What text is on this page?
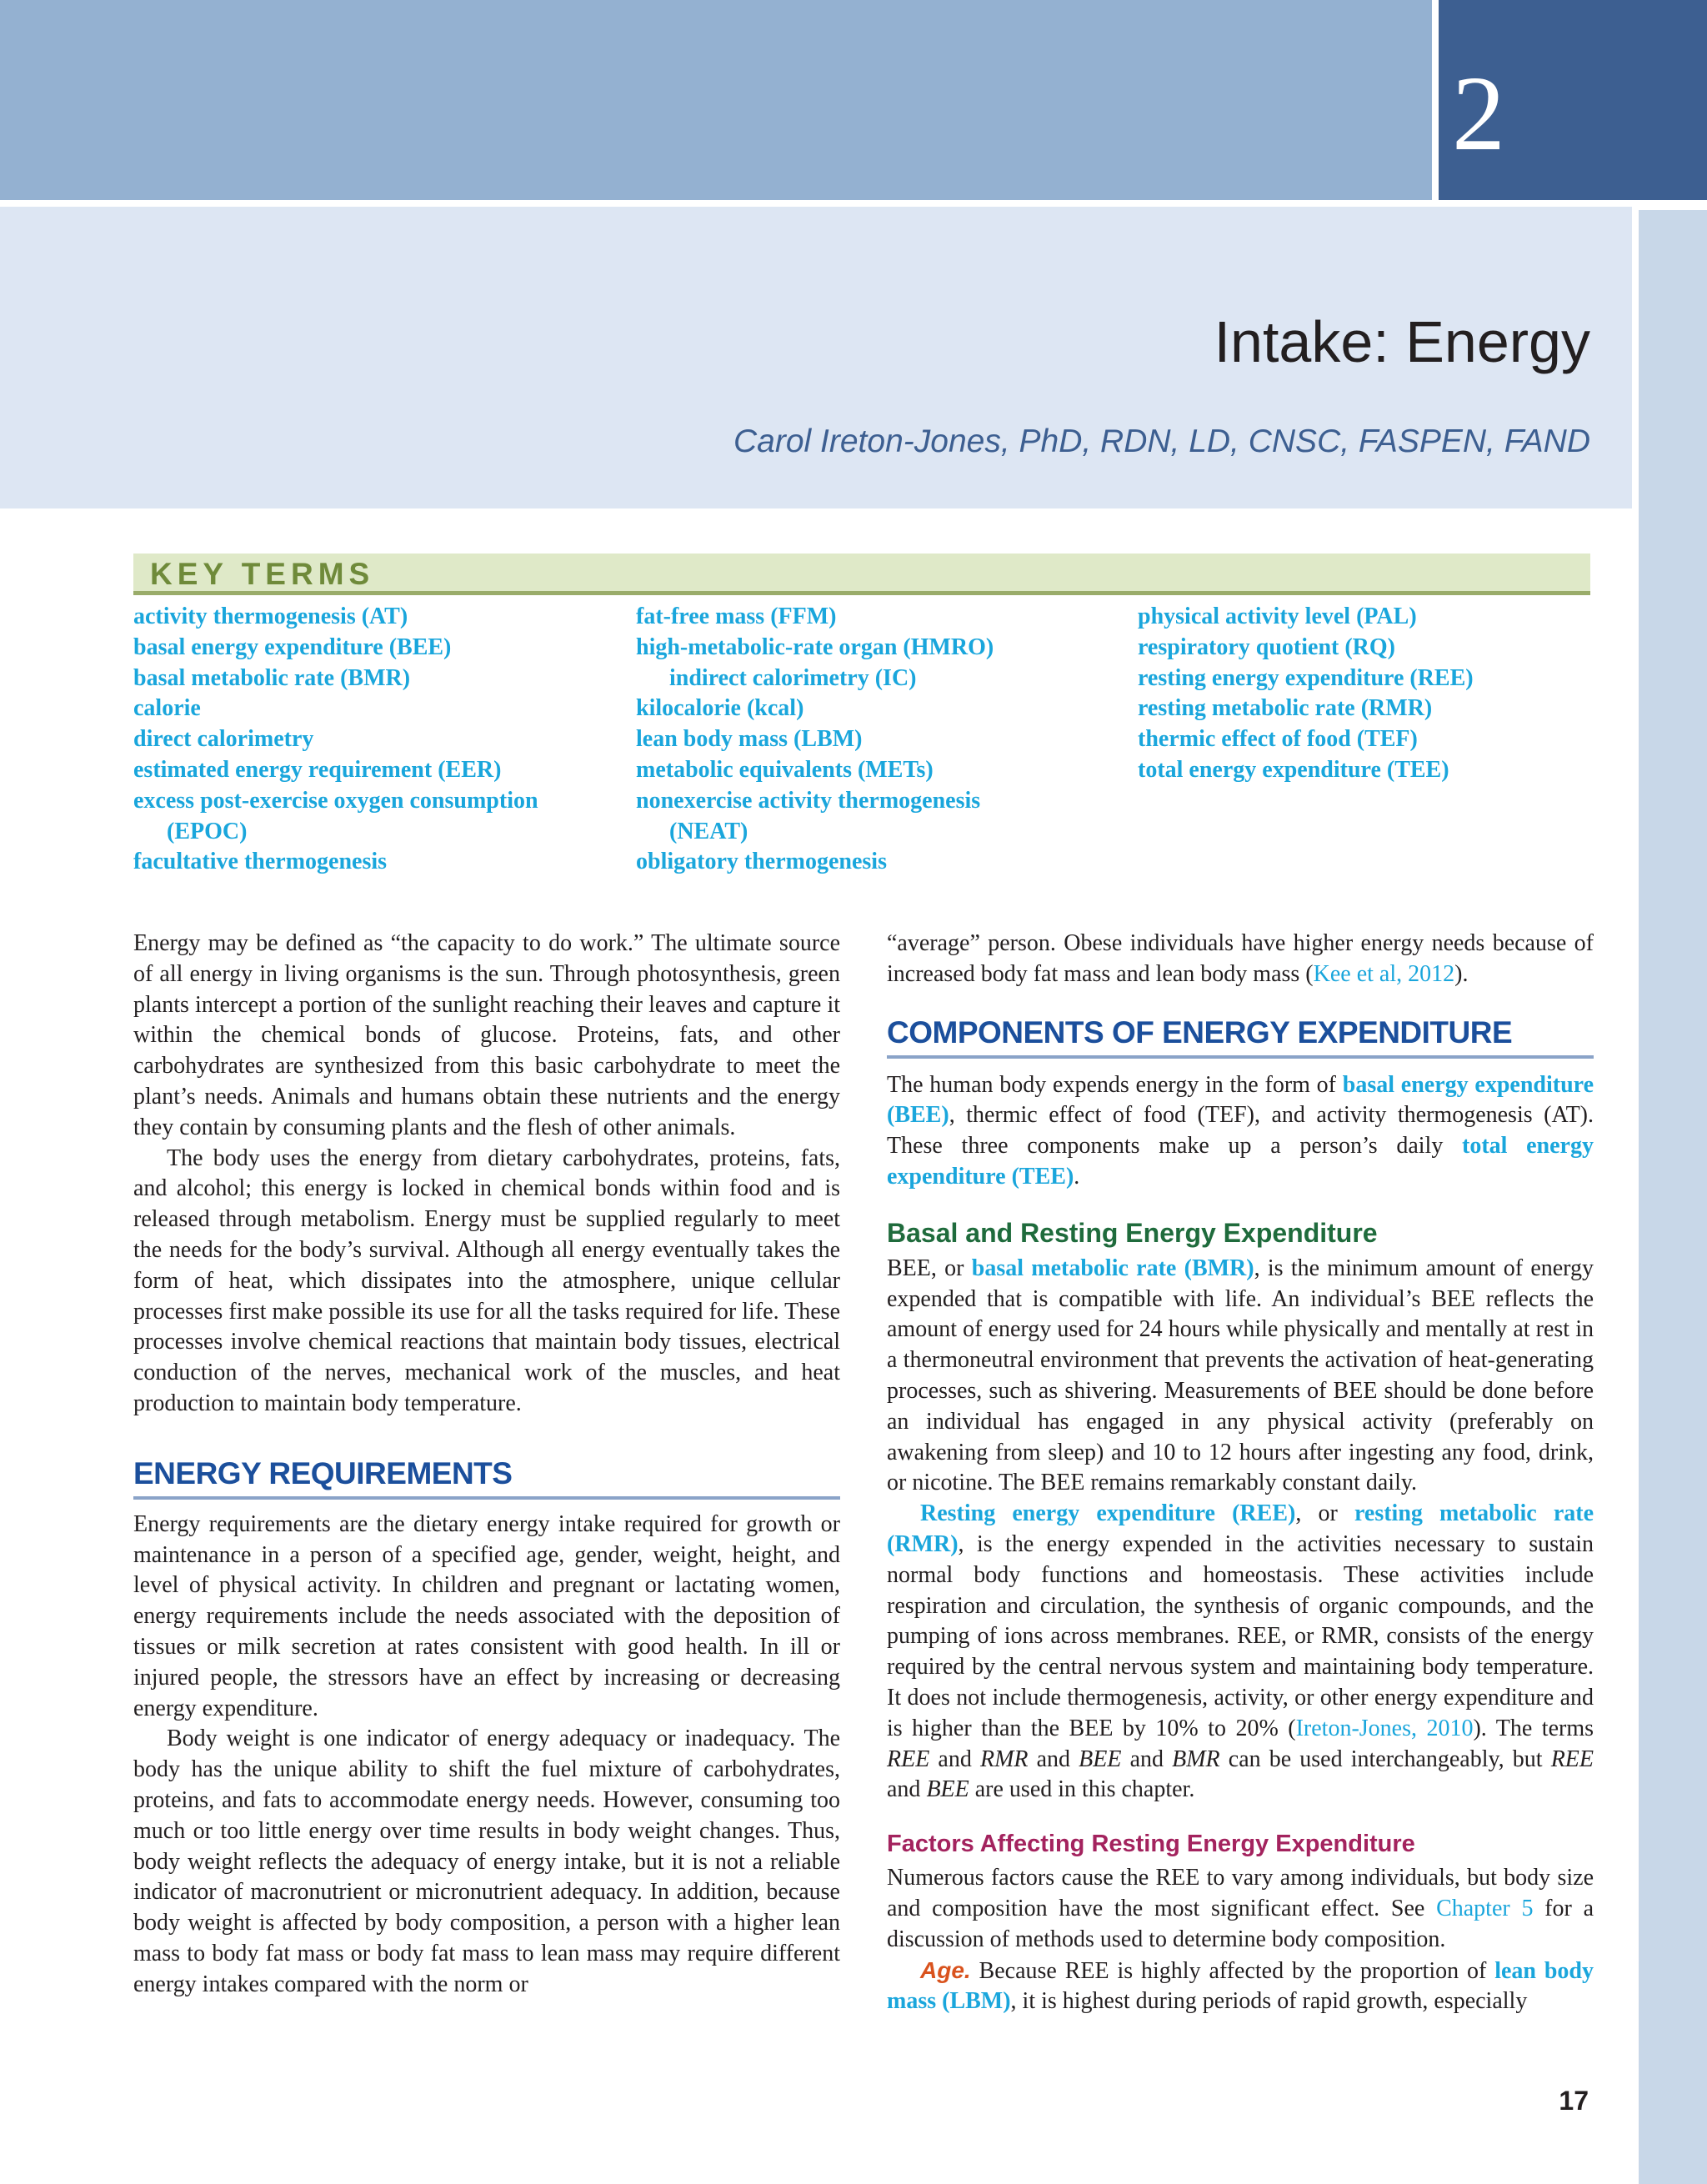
2
Intake: Energy

Carol Ireton-Jones, PhD, RDN, LD, CNSC, FASPEN, FAND

KEY TERMS
activity thermogenesis (AT)
basal energy expenditure (BEE)
basal metabolic rate (BMR)
calorie
direct calorimetry
estimated energy requirement (EER)
excess post-exercise oxygen consumption
(EPOC)
facultative thermogenesis
fat-free mass (FFM)
high-metabolic-rate organ (HMRO)
indirect calorimetry (IC)
kilocalorie (kcal)
lean body mass (LBM)
metabolic equivalents (METs)
nonexercise activity thermogenesis
(NEAT)
obligatory thermogenesis
physical activity level (PAL)
respiratory quotient (RQ)
resting energy expenditure (REE)
resting metabolic rate (RMR)
thermic effect of food (TEF)
total energy expenditure (TEE)

Energy may be defined as “the capacity to do work.” The ultimate source of all energy in living organisms is the sun. Through photosynthesis, green plants intercept a portion of the sunlight reaching their leaves and capture it within the chemical bonds of glucose. Proteins, fats, and other carbohydrates are synthesized from this basic carbohydrate to meet the plant’s needs. Animals and humans obtain these nutrients and the energy they contain by consuming plants and the flesh of other animals.

The body uses the energy from dietary carbohydrates, proteins, fats, and alcohol; this energy is locked in chemical bonds within food and is released through metabolism. Energy must be supplied regularly to meet the needs for the body’s survival. Although all energy eventually takes the form of heat, which dissipates into the atmosphere, unique cellular processes first make possible its use for all the tasks required for life. These processes involve chemical reactions that maintain body tissues, electrical conduction of the nerves, mechanical work of the muscles, and heat production to maintain body temperature.

ENERGY REQUIREMENTS

Energy requirements are the dietary energy intake required for growth or maintenance in a person of a specified age, gender, weight, height, and level of physical activity. In children and pregnant or lactating women, energy requirements include the needs associated with the deposition of tissues or milk secretion at rates consistent with good health. In ill or injured people, the stressors have an effect by increasing or decreasing energy expenditure.

Body weight is one indicator of energy adequacy or inadequacy. The body has the unique ability to shift the fuel mixture of carbohydrates, proteins, and fats to accommodate energy needs. However, consuming too much or too little energy over time results in body weight changes. Thus, body weight reflects the adequacy of energy intake, but it is not a reliable indicator of macronutrient or micronutrient adequacy. In addition, because body weight is affected by body composition, a person with a higher lean mass to body fat mass or body fat mass to lean mass may require different energy intakes compared with the norm or

“average” person. Obese individuals have higher energy needs because of increased body fat mass and lean body mass (Kee et al, 2012).

COMPONENTS OF ENERGY EXPENDITURE

The human body expends energy in the form of basal energy expenditure (BEE), thermic effect of food (TEF), and activity thermogenesis (AT). These three components make up a person’s daily total energy expenditure (TEE).

Basal and Resting Energy Expenditure

BEE, or basal metabolic rate (BMR), is the minimum amount of energy expended that is compatible with life. An individual’s BEE reflects the amount of energy used for 24 hours while physically and mentally at rest in a thermoneutral environment that prevents the activation of heat-generating processes, such as shivering. Measurements of BEE should be done before an individual has engaged in any physical activity (preferably on awakening from sleep) and 10 to 12 hours after ingesting any food, drink, or nicotine. The BEE remains remarkably constant daily.

Resting energy expenditure (REE), or resting metabolic rate (RMR), is the energy expended in the activities necessary to sustain normal body functions and homeostasis. These activities include respiration and circulation, the synthesis of organic compounds, and the pumping of ions across membranes. REE, or RMR, consists of the energy required by the central nervous system and maintaining body temperature. It does not include thermogenesis, activity, or other energy expenditure and is higher than the BEE by 10% to 20% (Ireton-Jones, 2010). The terms REE and RMR and BEE and BMR can be used interchangeably, but REE and BEE are used in this chapter.

Factors Affecting Resting Energy Expenditure

Numerous factors cause the REE to vary among individuals, but body size and composition have the most significant effect. See Chapter 5 for a discussion of methods used to determine body composition.

Age. Because REE is highly affected by the proportion of lean body mass (LBM), it is highest during periods of rapid growth, especially

17
